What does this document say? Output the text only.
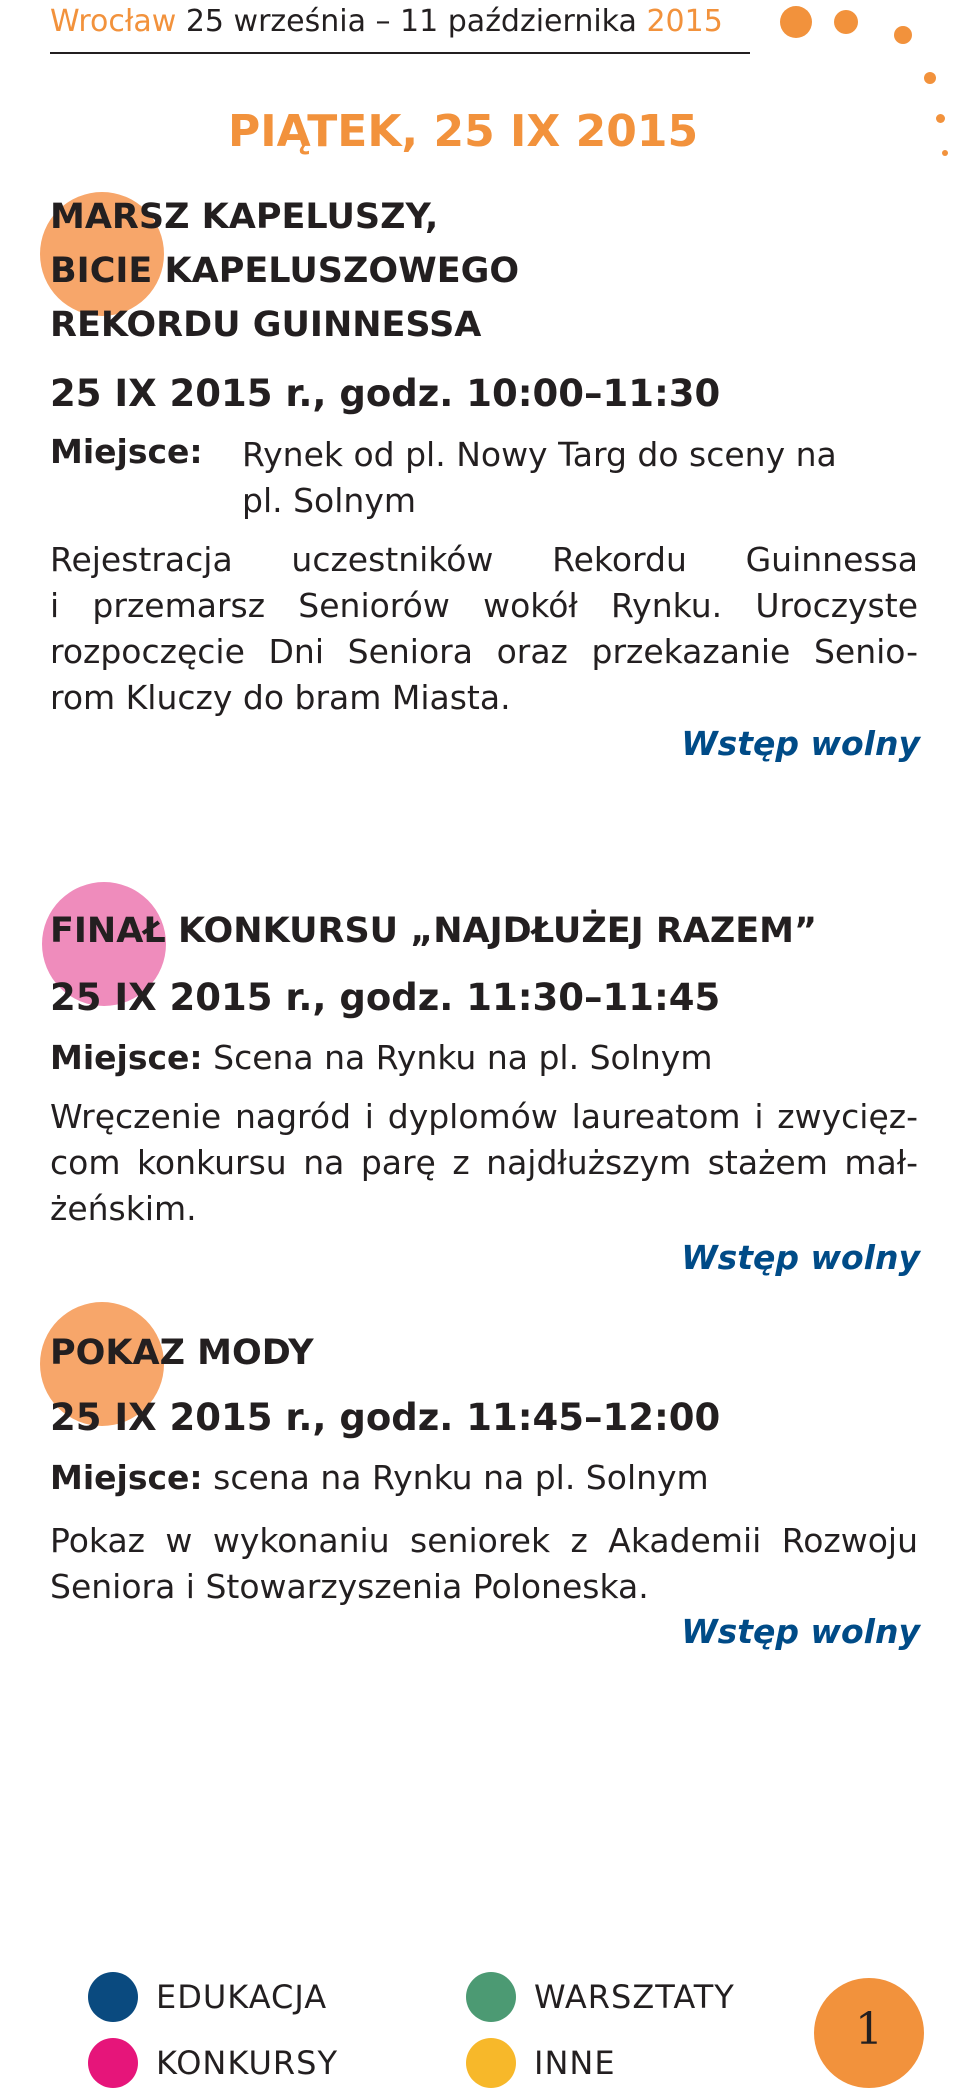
Wrocław 25 września – 11 października 2015
PIĄTEK, 25 IX 2015
MARSZ KAPELUSZY,
BICIE KAPELUSZOWEGO
REKORDU GUINNESSA
25 IX 2015 r., godz. 10:00–11:30
Miejsce: Rynek od pl. Nowy Targ do sceny na
pl. Solnym
Rejestracja uczestników Rekordu Guinnessa
i przemarsz Seniorów wokół Rynku. Uroczyste
rozpoczęcie Dni Seniora oraz przekazanie Senio-
rom Kluczy do bram Miasta.
Wstęp wolny
FINAŁ KONKURSU „NAJDŁUŻEJ RAZEM”
25 IX 2015 r., godz. 11:30–11:45
Miejsce: Scena na Rynku na pl. Solnym
Wręczenie nagród i dyplomów laureatom i zwycięz-
com konkursu na parę z najdłuższym stażem mał-
żeńskim.
Wstęp wolny
POKAZ MODY
25 IX 2015 r., godz. 11:45–12:00
Miejsce: scena na Rynku na pl. Solnym
Pokaz w wykonaniu seniorek z Akademii Rozwoju
Seniora i Stowarzyszenia Poloneska.
Wstęp wolny
EDUKACJA	WARSZTATY
KONKURSY	INNE
1
